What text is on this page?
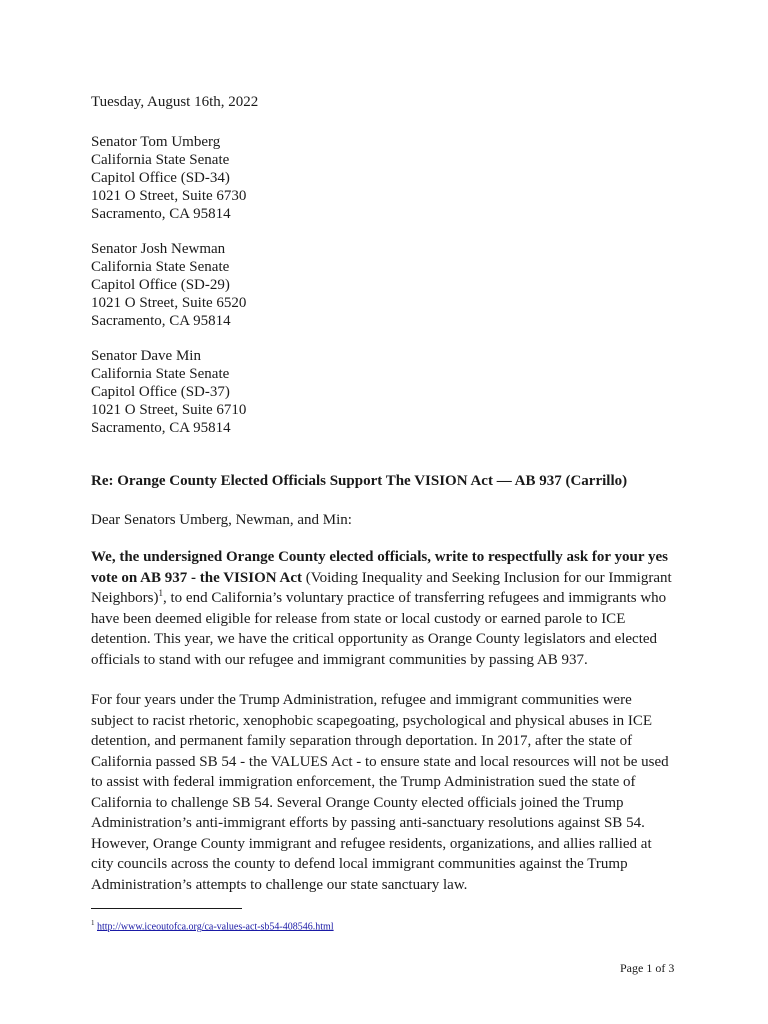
Tuesday, August 16th, 2022
Senator Tom Umberg
California State Senate
Capitol Office (SD-34)
1021 O Street, Suite 6730
Sacramento, CA 95814
Senator Josh Newman
California State Senate
Capitol Office (SD-29)
1021 O Street, Suite 6520
Sacramento, CA 95814
Senator Dave Min
California State Senate
Capitol Office (SD-37)
1021 O Street, Suite 6710
Sacramento, CA 95814
Re: Orange County Elected Officials Support The VISION Act — AB 937 (Carrillo)
Dear Senators Umberg, Newman, and Min:
We, the undersigned Orange County elected officials, write to respectfully ask for your yes
vote on AB 937 - the VISION Act (Voiding Inequality and Seeking Inclusion for our Immigrant
Neighbors)$^1$, to end California’s voluntary practice of transferring refugees and immigrants who
have been deemed eligible for release from state or local custody or earned parole to ICE
detention. This year, we have the critical opportunity as Orange County legislators and elected
officials to stand with our refugee and immigrant communities by passing AB 937.
For four years under the Trump Administration, refugee and immigrant communities were
subject to racist rhetoric, xenophobic scapegoating, psychological and physical abuses in ICE
detention, and permanent family separation through deportation. In 2017, after the state of
California passed SB 54 - the VALUES Act - to ensure state and local resources will not be used
to assist with federal immigration enforcement, the Trump Administration sued the state of
California to challenge SB 54. Several Orange County elected officials joined the Trump
Administration’s anti-immigrant efforts by passing anti-sanctuary resolutions against SB 54.
However, Orange County immigrant and refugee residents, organizations, and allies rallied at
city councils across the county to defend local immigrant communities against the Trump
Administration’s attempts to challenge our state sanctuary law.
$^1$ http://www.iceoutofca.org/ca-values-act-sb54-408546.html
Page 1 of 3
